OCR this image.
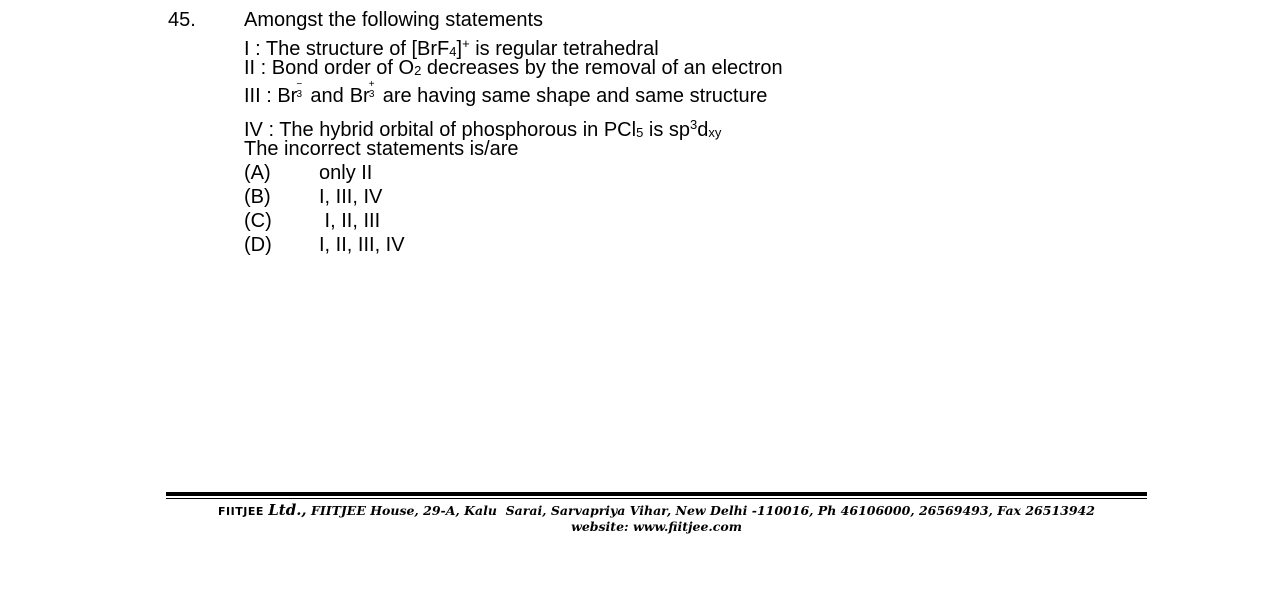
45. Amongst the following statements
I : The structure of [BrF4]+ is regular tetrahedral
II : Bond order of O2 decreases by the removal of an electron
III : Br
−
3 and Br
+
3 are having same shape and same structure
IV : The hybrid orbital of phosphorous in PCl5 is $sp^3dxy$
The incorrect statements is/are
(A) only II
(B) I, III, IV
(C) I, II, III
(D) I, II, III, IV
FIITJEE Ltd., FIITJEE House, 29-A, Kalu  Sarai, Sarvapriya Vihar, New Delhi -110016, Ph 46106000, 26569493, Fax 26513942
website: www.fiitjee.com
